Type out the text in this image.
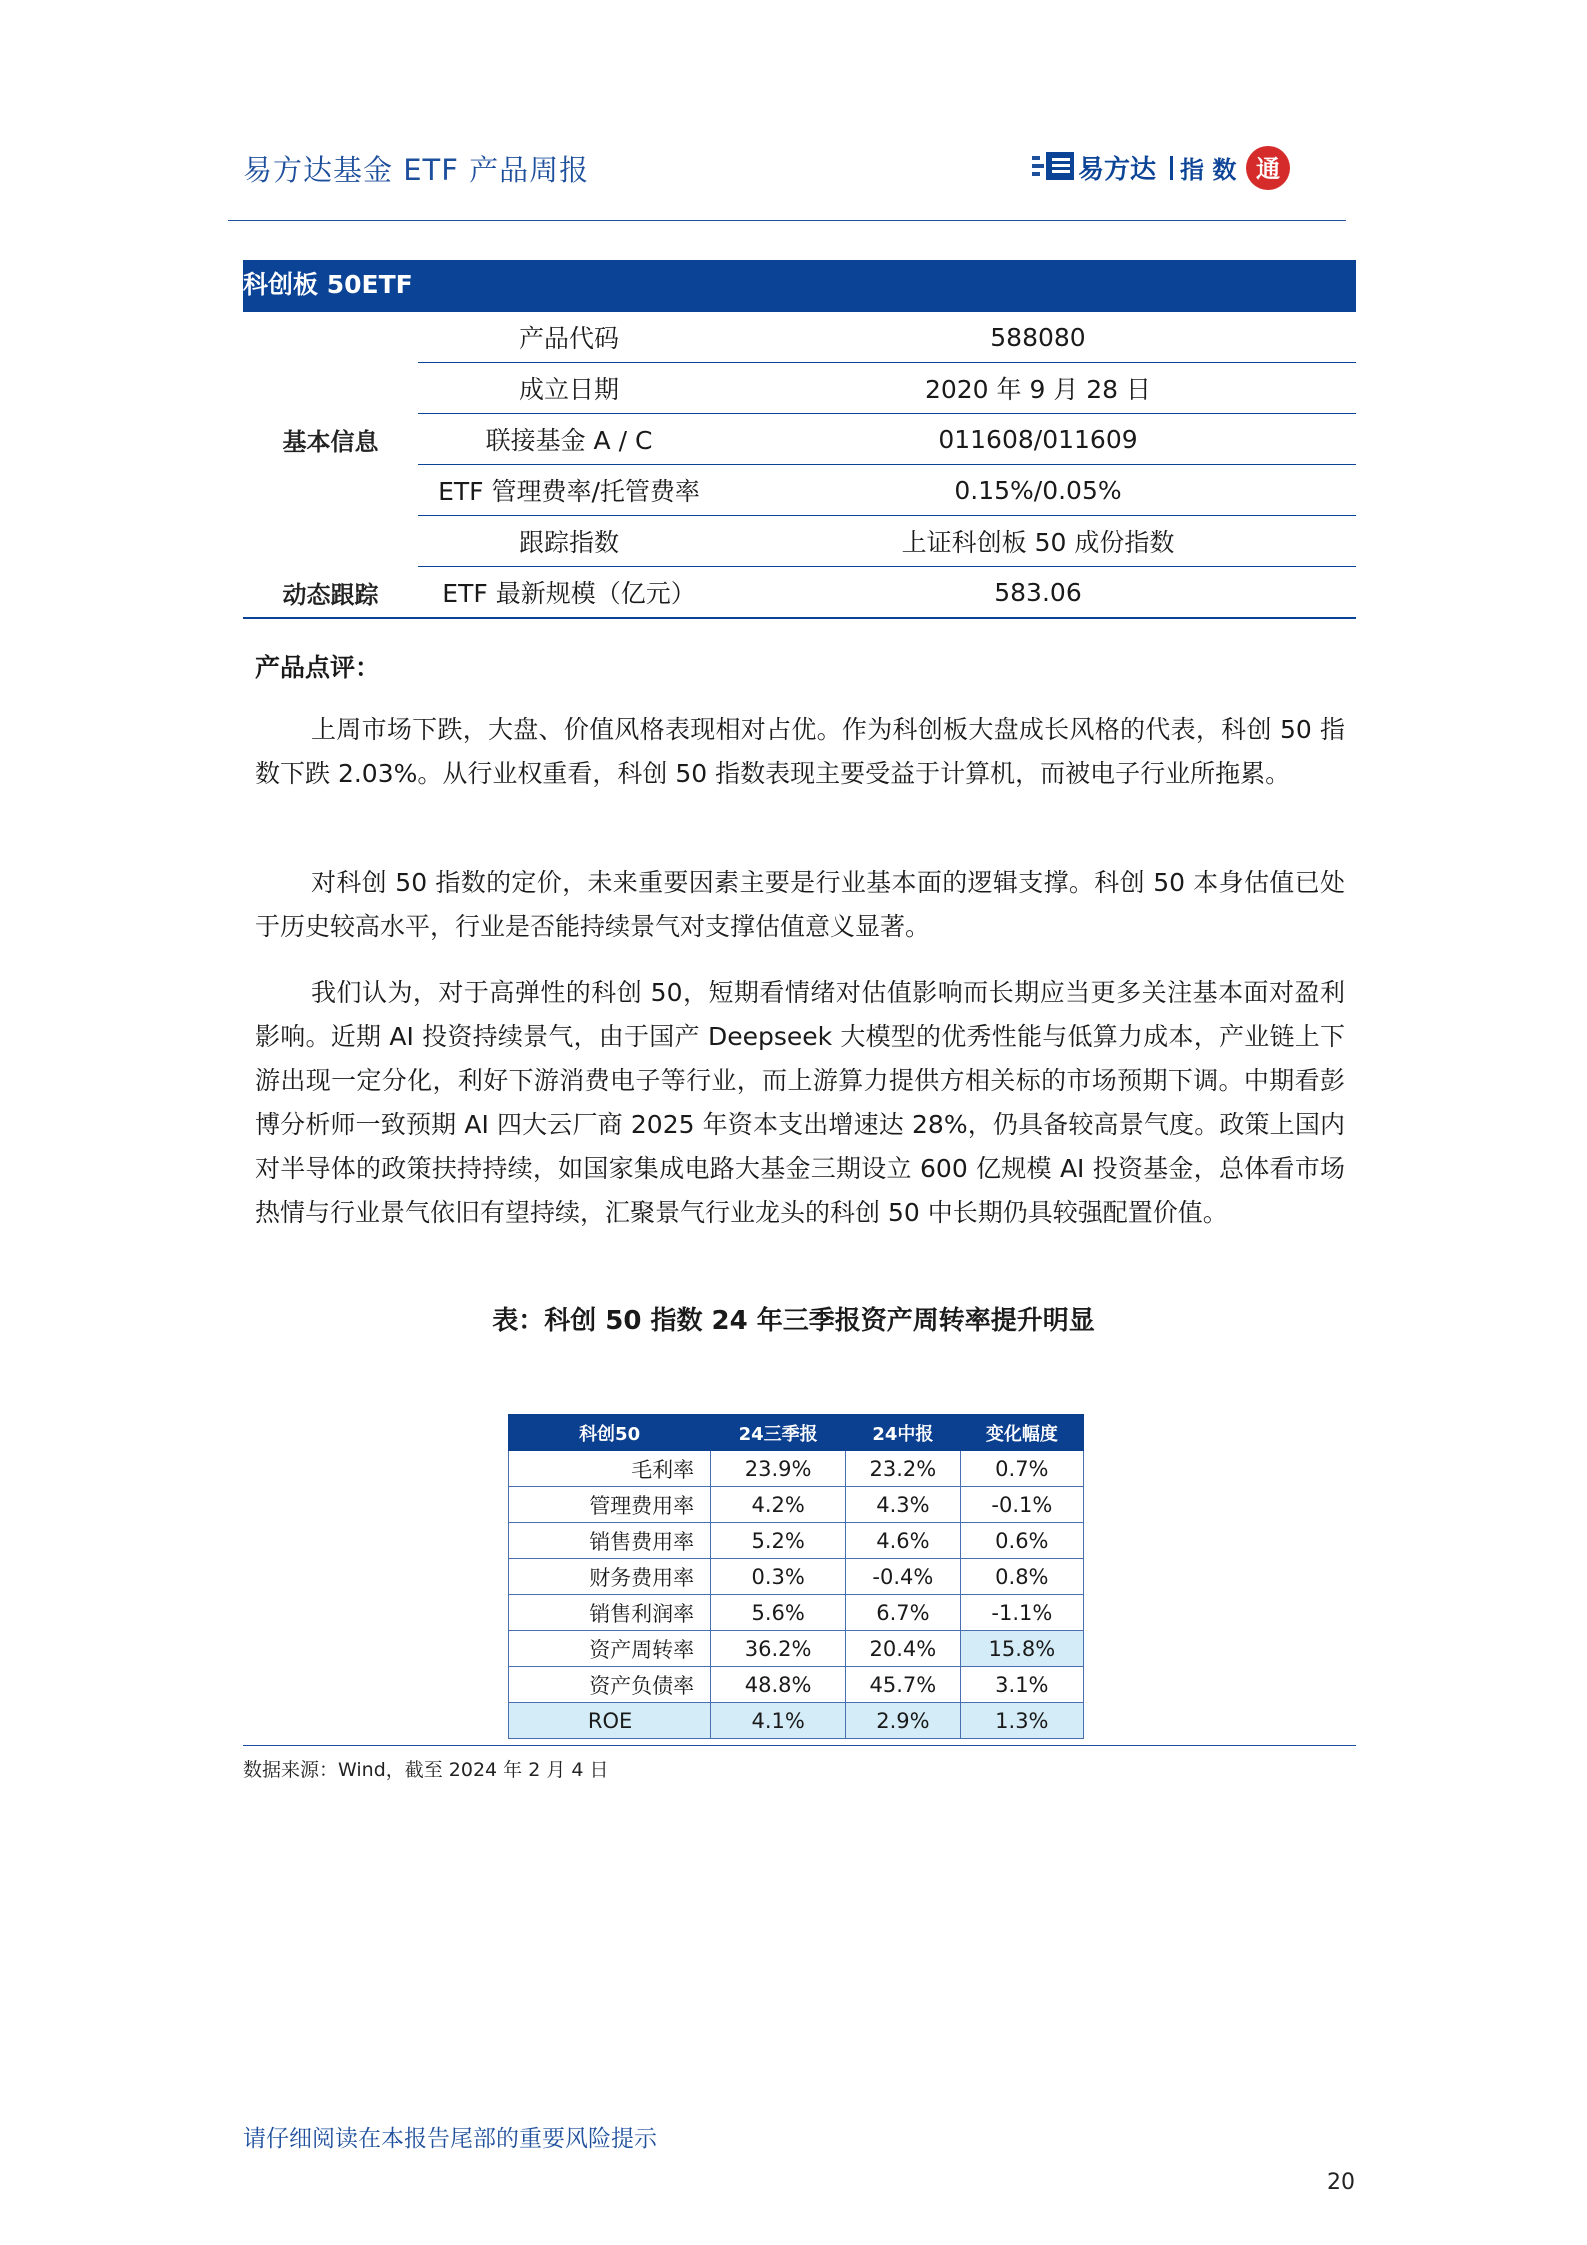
易方达基金 ETF 产品周报	易方达 指 数 通
科创板 50ETF
基本信息
产品代码	588080
成立日期	2020 年 9 月 28 日
联接基金 A / C	011608/011609
ETF 管理费率/托管费率	0.15%/0.05%
跟踪指数	上证科创板 50 成份指数
动态跟踪	ETF 最新规模（亿元）	583.06
产品点评：

上周市场下跌，大盘、价值风格表现相对占优。作为科创板大盘成长风格的代表，科创 50 指数下跌 2.03%。从行业权重看，科创 50 指数表现主要受益于计算机，而被电子行业所拖累。

对科创 50 指数的定价，未来重要因素主要是行业基本面的逻辑支撑。科创 50 本身估值已处于历史较高水平，行业是否能持续景气对支撑估值意义显著。

我们认为，对于高弹性的科创 50，短期看情绪对估值影响而长期应当更多关注基本面对盈利影响。近期 AI 投资持续景气，由于国产 Deepseek 大模型的优秀性能与低算力成本，产业链上下游出现一定分化，利好下游消费电子等行业，而上游算力提供方相关标的市场预期下调。中期看彭博分析师一致预期 AI 四大云厂商 2025 年资本支出增速达 28%，仍具备较高景气度。政策上国内对半导体的政策扶持持续，如国家集成电路大基金三期设立 600 亿规模 AI 投资基金，总体看市场热情与行业景气依旧有望持续，汇聚景气行业龙头的科创 50 中长期仍具较强配置价值。

表：科创 50 指数 24 年三季报资产周转率提升明显
科创50	24三季报	24中报	变化幅度
毛利率	23.9%	23.2%	0.7%
管理费用率	4.2%	4.3%	-0.1%
销售费用率	5.2%	4.6%	0.6%
财务费用率	0.3%	-0.4%	0.8%
销售利润率	5.6%	6.7%	-1.1%
资产周转率	36.2%	20.4%	15.8%
资产负债率	48.8%	45.7%	3.1%
ROE	4.1%	2.9%	1.3%
数据来源：Wind，截至 2024 年 2 月 4 日
请仔细阅读在本报告尾部的重要风险提示
20
